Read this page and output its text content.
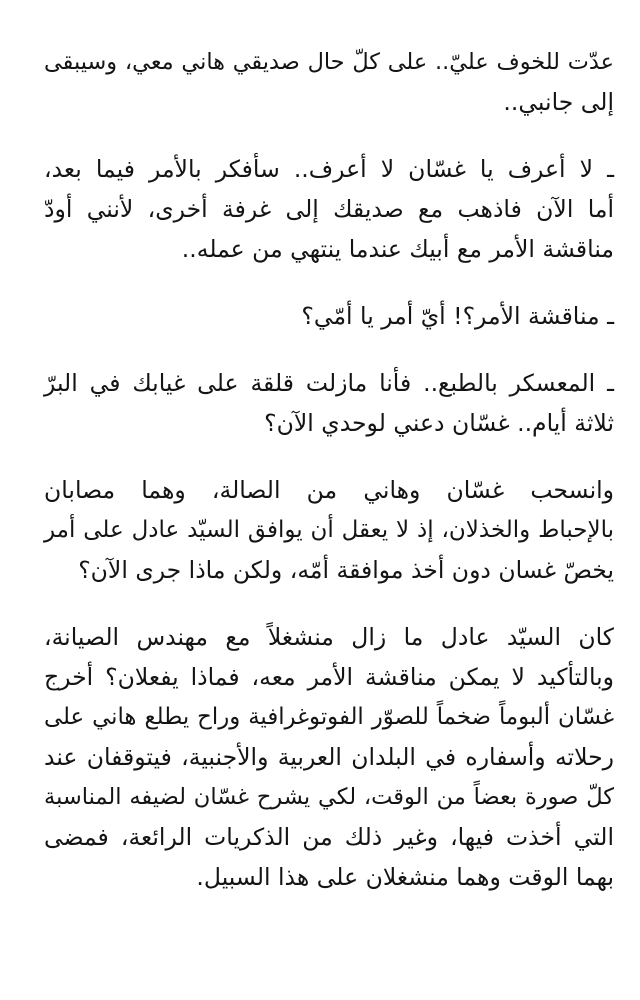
عدّت للخوف عليّ.. على كلّ حال صديقي هاني معي، وسيبقى
إلى جانبي..
ـ لا أعرف يا غسّان لا أعرف.. سأفكر بالأمر فيما بعد،
أما الآن فاذهب مع صديقك إلى غرفة أخرى، لأنني أودّ
مناقشة الأمر مع أبيك عندما ينتهي من عمله..
ـ مناقشة الأمر؟! أيّ أمر يا أمّي؟
ـ المعسكر بالطبع.. فأنا مازلت قلقة على غيابك في البرّ
ثلاثة أيام.. غسّان دعني لوحدي الآن؟
وانسحب غسّان وهاني من الصالة، وهما مصابان
بالإحباط والخذلان، إذ لا يعقل أن يوافق السيّد عادل على أمر
يخصّ غسان دون أخذ موافقة أمّه، ولكن ماذا جرى الآن؟
كان السيّد عادل ما زال منشغلاً مع مهندس الصيانة،
وبالتأكيد لا يمكن مناقشة الأمر معه، فماذا يفعلان؟ أخرج
غسّان ألبوماً ضخماً للصوّر الفوتوغرافية وراح يطلع هاني على
رحلاته وأسفاره في البلدان العربية والأجنبية، فيتوقفان عند
كلّ صورة بعضاً من الوقت، لكي يشرح غسّان لضيفه المناسبة
التي أخذت فيها، وغير ذلك من الذكريات الرائعة، فمضى
بهما الوقت وهما منشغلان على هذا السبيل.
